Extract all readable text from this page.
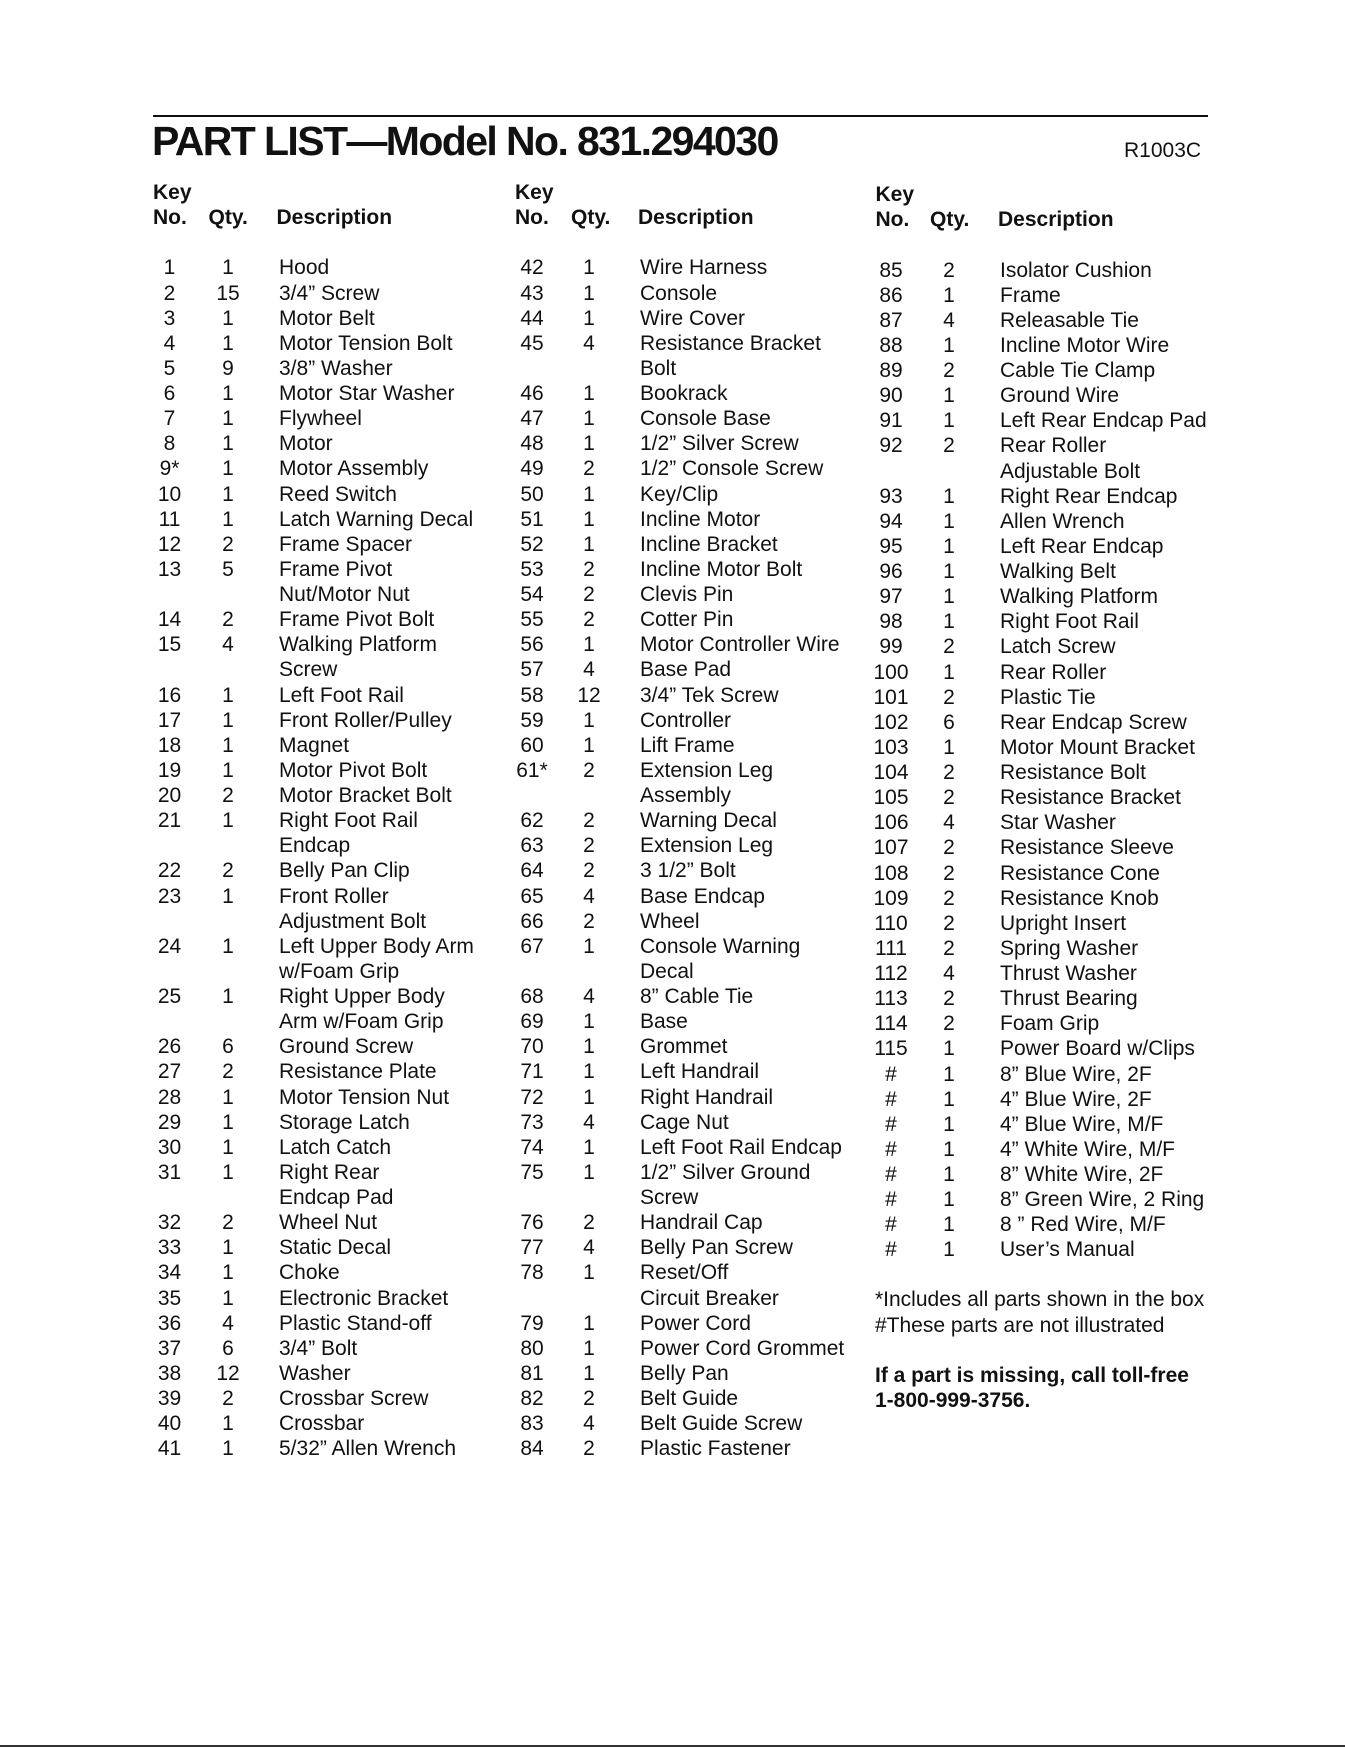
PART LIST—Model No. 831.294030	R1003C
Key
No. Qty. Description
Key
No. Qty. Description
Key
No. Qty. Description
1	1	Hood
2	15	3/4” Screw
3	1	Motor Belt
4	1	Motor Tension Bolt
5	9	3/8” Washer
6	1	Motor Star Washer
7	1	Flywheel
8	1	Motor
9*	1	Motor Assembly
10	1	Reed Switch
11	1	Latch Warning Decal
12	2	Frame Spacer
13	5	Frame Pivot
Nut/Motor Nut
14	2	Frame Pivot Bolt
15	4	Walking Platform
Screw
16	1	Left Foot Rail
17	1	Front Roller/Pulley
18	1	Magnet
19	1	Motor Pivot Bolt
20	2	Motor Bracket Bolt
21	1	Right Foot Rail
Endcap
22	2	Belly Pan Clip
23	1	Front Roller
Adjustment Bolt
24	1	Left Upper Body Arm
w/Foam Grip
25	1	Right Upper Body
Arm w/Foam Grip
26	6	Ground Screw
27	2	Resistance Plate
28	1	Motor Tension Nut
29	1	Storage Latch
30	1	Latch Catch
31	1	Right Rear
Endcap Pad
32	2	Wheel Nut
33	1	Static Decal
34	1	Choke
35	1	Electronic Bracket
36	4	Plastic Stand-off
37	6	3/4” Bolt
38	12	Washer
39	2	Crossbar Screw
40	1	Crossbar
41	1	5/32” Allen Wrench
42	1	Wire Harness
43	1	Console
44	1	Wire Cover
45	4	Resistance Bracket
Bolt
46	1	Bookrack
47	1	Console Base
48	1	1/2” Silver Screw
49	2	1/2” Console Screw
50	1	Key/Clip
51	1	Incline Motor
52	1	Incline Bracket
53	2	Incline Motor Bolt
54	2	Clevis Pin
55	2	Cotter Pin
56	1	Motor Controller Wire
57	4	Base Pad
58	12	3/4” Tek Screw
59	1	Controller
60	1	Lift Frame
61*	2	Extension Leg
Assembly
62	2	Warning Decal
63	2	Extension Leg
64	2	3 1/2” Bolt
65	4	Base Endcap
66	2	Wheel
67	1	Console Warning
Decal
68	4	8” Cable Tie
69	1	Base
70	1	Grommet
71	1	Left Handrail
72	1	Right Handrail
73	4	Cage Nut
74	1	Left Foot Rail Endcap
75	1	1/2” Silver Ground
Screw
76	2	Handrail Cap
77	4	Belly Pan Screw
78	1	Reset/Off
Circuit Breaker
79	1	Power Cord
80	1	Power Cord Grommet
81	1	Belly Pan
82	2	Belt Guide
83	4	Belt Guide Screw
84	2	Plastic Fastener
85	2	Isolator Cushion
86	1	Frame
87	4	Releasable Tie
88	1	Incline Motor Wire
89	2	Cable Tie Clamp
90	1	Ground Wire
91	1	Left Rear Endcap Pad
92	2	Rear Roller
Adjustable Bolt
93	1	Right Rear Endcap
94	1	Allen Wrench
95	1	Left Rear Endcap
96	1	Walking Belt
97	1	Walking Platform
98	1	Right Foot Rail
99	2	Latch Screw
100	1	Rear Roller
101	2	Plastic Tie
102	6	Rear Endcap Screw
103	1	Motor Mount Bracket
104	2	Resistance Bolt
105	2	Resistance Bracket
106	4	Star Washer
107	2	Resistance Sleeve
108	2	Resistance Cone
109	2	Resistance Knob
110	2	Upright Insert
111	2	Spring Washer
112	4	Thrust Washer
113	2	Thrust Bearing
114	2	Foam Grip
115	1	Power Board w/Clips
#	1	8” Blue Wire, 2F
#	1	4” Blue Wire, 2F
#	1	4” Blue Wire, M/F
#	1	4” White Wire, M/F
#	1	8” White Wire, 2F
#	1	8” Green Wire, 2 Ring
#	1	8 ” Red Wire, M/F
#	1	User’s Manual
*Includes all parts shown in the box
#These parts are not illustrated
If a part is missing, call toll-free
1-800-999-3756.
